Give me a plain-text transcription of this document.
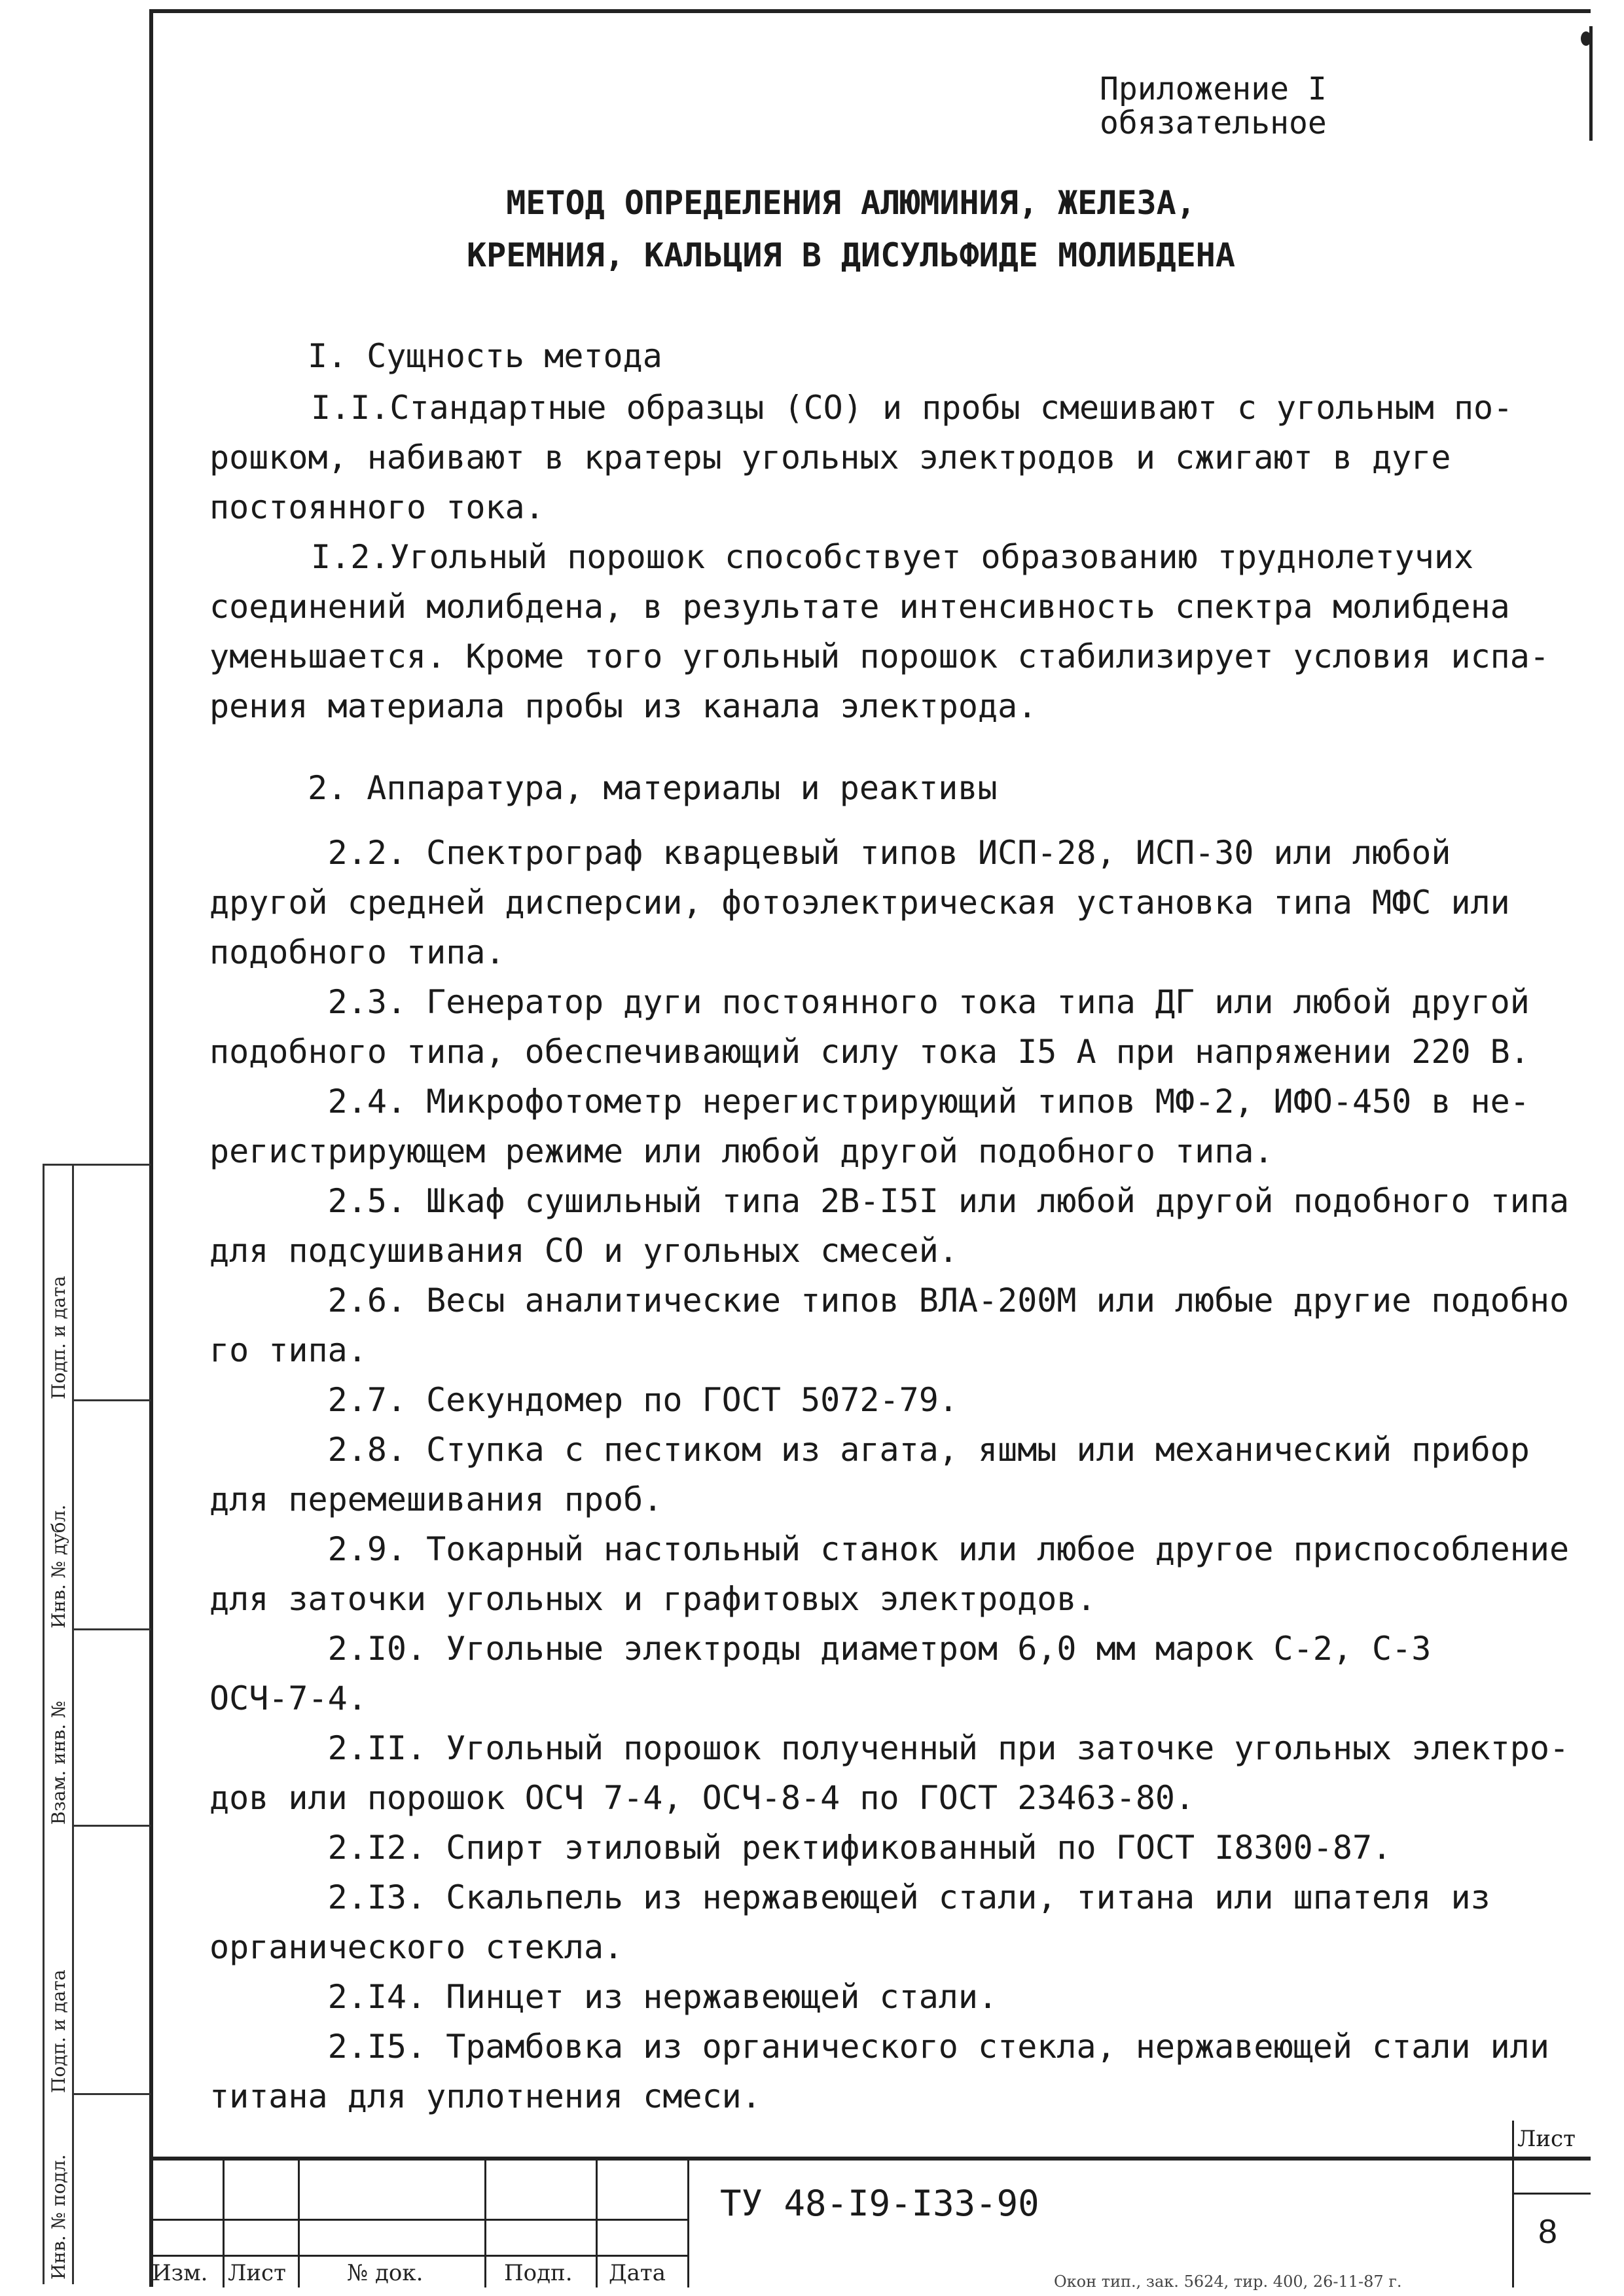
Приложение I
обязательное
МЕТОД ОПРЕДЕЛЕНИЯ АЛЮМИНИЯ, ЖЕЛЕЗА,
КРЕМНИЯ, КАЛЬЦИЯ В ДИСУЛЬФИДЕ МОЛИБДЕНА
I. Сущность метода
I.I.Стандартные образцы (СО) и пробы смешивают с угольным по-
рошком, набивают в кратеры угольных электродов и сжигают в дуге
постоянного тока.
I.2.Угольный порошок способствует образованию труднолетучих
соединений молибдена, в результате интенсивность спектра молибдена
уменьшается. Кроме того угольный порошок стабилизирует условия испа-
рения материала пробы из канала электрода.
2. Аппаратура, материалы и реактивы
2.2. Спектрограф кварцевый типов ИСП-28, ИСП-30 или любой
другой средней дисперсии, фотоэлектрическая установка типа МФС или
подобного типа.
2.3. Генератор дуги постоянного тока типа ДГ или любой другой
подобного типа, обеспечивающий силу тока I5 А при напряжении 220 В.
2.4. Микрофотометр нерегистрирующий типов МФ-2, ИФО-450 в не-
регистрирующем режиме или любой другой подобного типа.
2.5. Шкаф сушильный типа 2В-I5I или любой другой подобного типа
для подсушивания СО и угольных смесей.
2.6. Весы аналитические типов ВЛА-200М или любые другие подобно
го типа.
2.7. Секундомер по ГОСТ 5072-79.
2.8. Ступка с пестиком из агата, яшмы или механический прибор
для перемешивания проб.
2.9. Токарный настольный станок или любое другое приспособление
для заточки угольных и графитовых электродов.
2.I0. Угольные электроды диаметром 6,0 мм марок С-2, С-3
ОСЧ-7-4.
2.II. Угольный порошок полученный при заточке угольных электро-
дов или порошок ОСЧ 7-4, ОСЧ-8-4 по ГОСТ 23463-80.
2.I2. Спирт этиловый ректификованный по ГОСТ I8300-87.
2.I3. Скальпель из нержавеющей стали, титана или шпателя из
органического стекла.
2.I4. Пинцет из нержавеющей стали.
2.I5. Трамбовка из органического стекла, нержавеющей стали или
титана для уплотнения смеси.
Подп. и дата
Инв. № дубл.
Взам. инв. №
Подп. и дата
Инв. № подл.	Изм. Лист	№ док.	Подп. Дата
ТУ 48-I9-I33-90
Лист
8
Окон тип., зак. 5624, тир. 400, 26-11-87 г.
